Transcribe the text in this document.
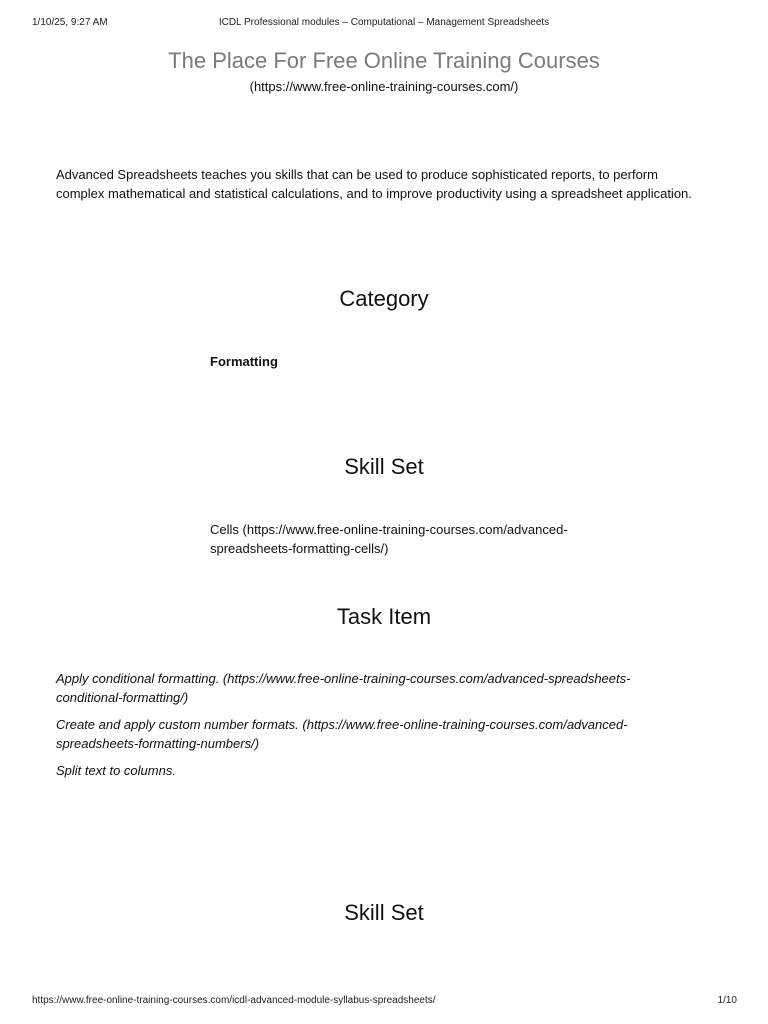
1/10/25, 9:27 AM	ICDL Professional modules – Computational – Management Spreadsheets
The Place For Free Online Training Courses
(https://www.free-online-training-courses.com/)

Advanced Spreadsheets teaches you skills that can be used to produce sophisticated reports, to perform complex mathematical and statistical calculations, and to improve productivity using a spreadsheet application.

Category
Formatting
Skill Set

Cells (https://www.free-online-training-courses.com/advanced-spreadsheets-formatting-cells/)

Task Item

Apply conditional formatting. (https://www.free-online-training-courses.com/advanced-spreadsheets-conditional-formatting/)

Create and apply custom number formats. (https://www.free-online-training-courses.com/advanced-spreadsheets-formatting-numbers/)

Split text to columns.

Skill Set
https://www.free-online-training-courses.com/icdl-advanced-module-syllabus-spreadsheets/	1/10
